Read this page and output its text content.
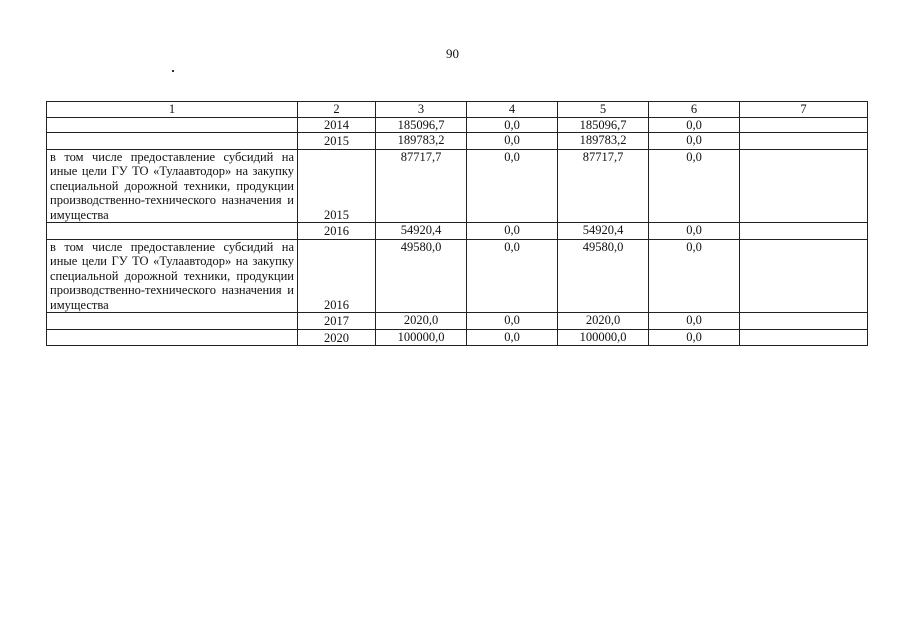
90
1	2	3	4	5	6	7
	2014	185096,7	0,0	185096,7	0,0	

	2015	189783,2	0,0	189783,2	0,0	
в том числе предоставление субсидий на иные цели ГУ ТО «Тулаавтодор» на закупку специальной дорожной техники, продукции производственно-технического назначения и имущества	2015	87717,7	0,0	87717,7	0,0	

	2016	54920,4	0,0	54920,4	0,0	
в том числе предоставление субсидий на иные цели ГУ ТО «Тулаавтодор» на закупку специальной дорожной техники, продукции производственно-технического назначения и имущества	2016	49580,0	0,0	49580,0	0,0	

	2017	2020,0	0,0	2020,0	0,0	

	2020	100000,0	0,0	100000,0	0,0	
